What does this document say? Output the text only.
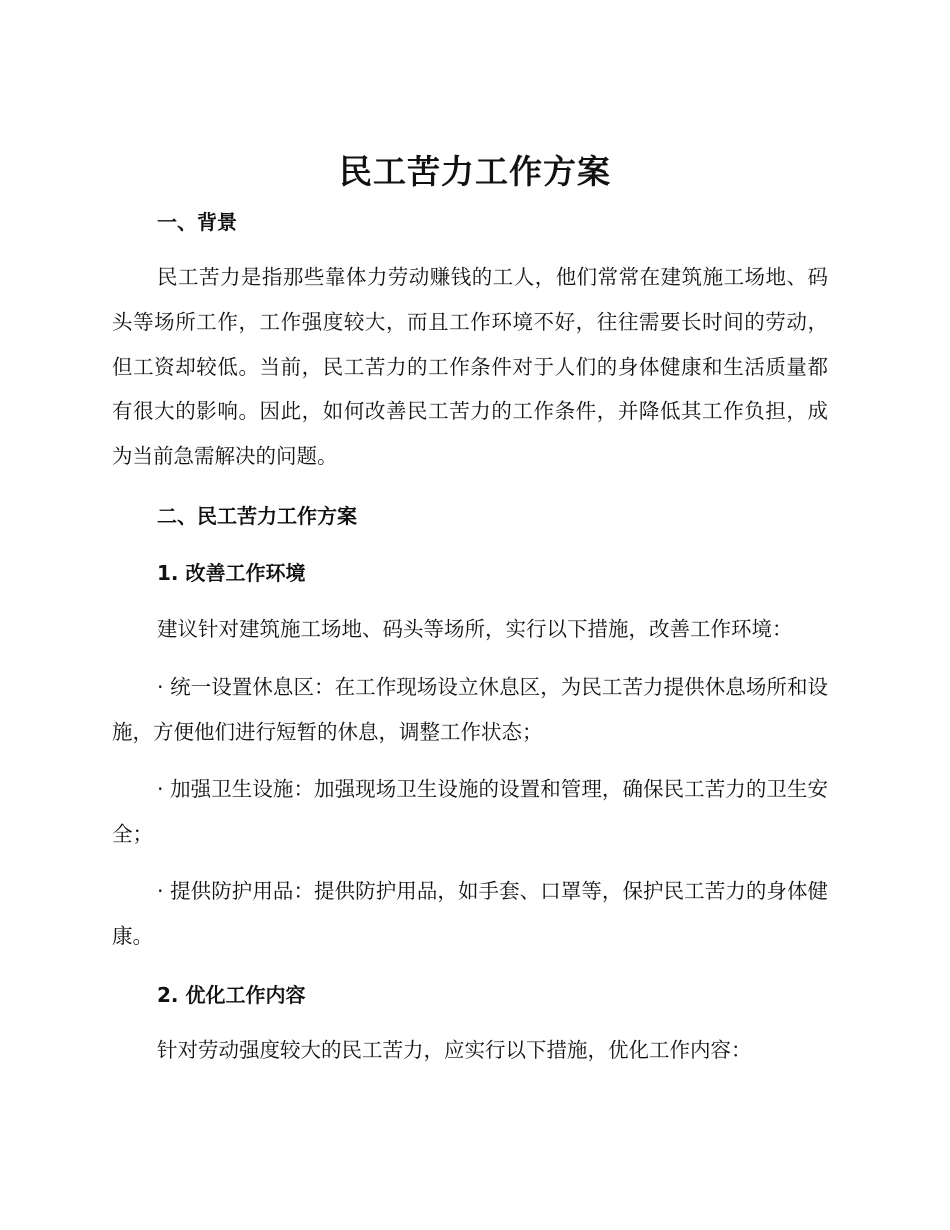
民工苦力工作方案
一、背景
民工苦力是指那些靠体力劳动赚钱的工人，他们常常在建筑施工场地、码头等场所工作，工作强度较大，而且工作环境不好，往往需要长时间的劳动，但工资却较低。当前，民工苦力的工作条件对于人们的身体健康和生活质量都有很大的影响。因此，如何改善民工苦力的工作条件，并降低其工作负担，成为当前急需解决的问题。
二、民工苦力工作方案
1. 改善工作环境
建议针对建筑施工场地、码头等场所，实行以下措施，改善工作环境：
· 统一设置休息区：在工作现场设立休息区，为民工苦力提供休息场所和设施，方便他们进行短暂的休息，调整工作状态；
· 加强卫生设施：加强现场卫生设施的设置和管理，确保民工苦力的卫生安全；
· 提供防护用品：提供防护用品，如手套、口罩等，保护民工苦力的身体健康。
2. 优化工作内容
针对劳动强度较大的民工苦力，应实行以下措施，优化工作内容：
